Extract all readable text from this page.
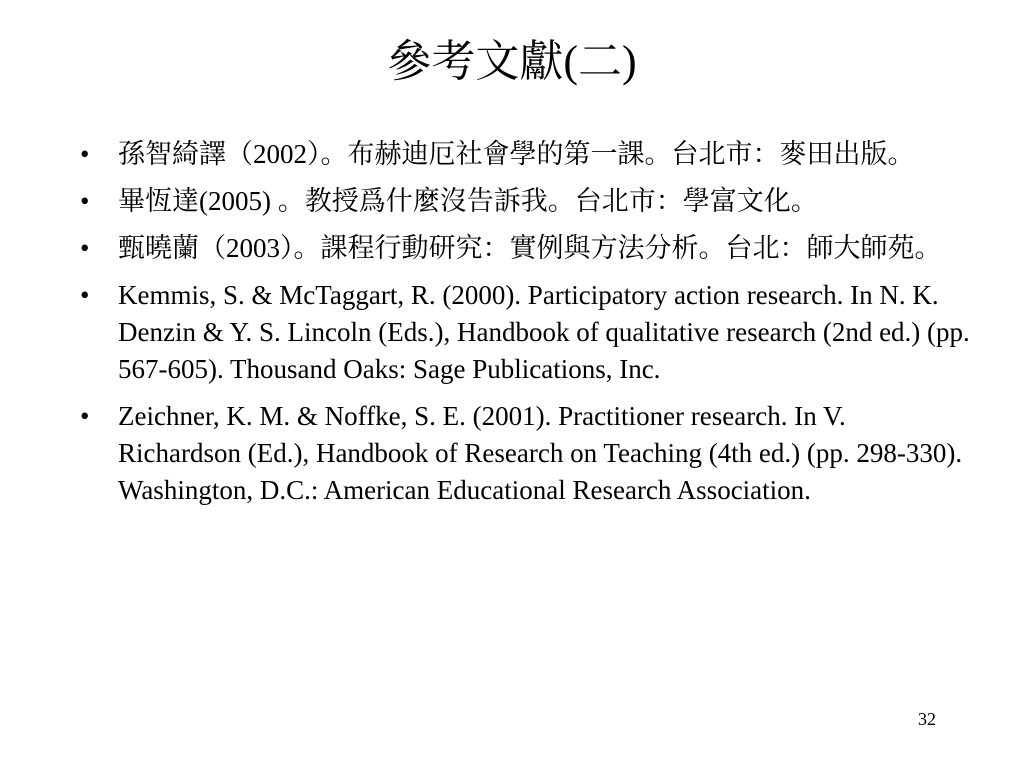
參考文獻(二)
•	孫智綺譯（2002）。布赫迪厄社會學的第一課。台北市：麥田出版。
•	畢恆達(2005) 。教授爲什麼沒告訴我。台北市：學富文化。
•	甄曉蘭（2003）。課程行動研究：實例與方法分析。台北：師大師苑。
•	Kemmis, S. & McTaggart, R. (2000). Participatory action research. In N. K. Denzin & Y. S. Lincoln (Eds.), Handbook of qualitative research (2nd ed.) (pp. 567-605). Thousand Oaks: Sage Publications, Inc.
•	Zeichner, K. M. & Noffke, S. E. (2001). Practitioner research. In V. Richardson (Ed.), Handbook of Research on Teaching (4th ed.) (pp. 298-330). Washington, D.C.: American Educational Research Association.
32
